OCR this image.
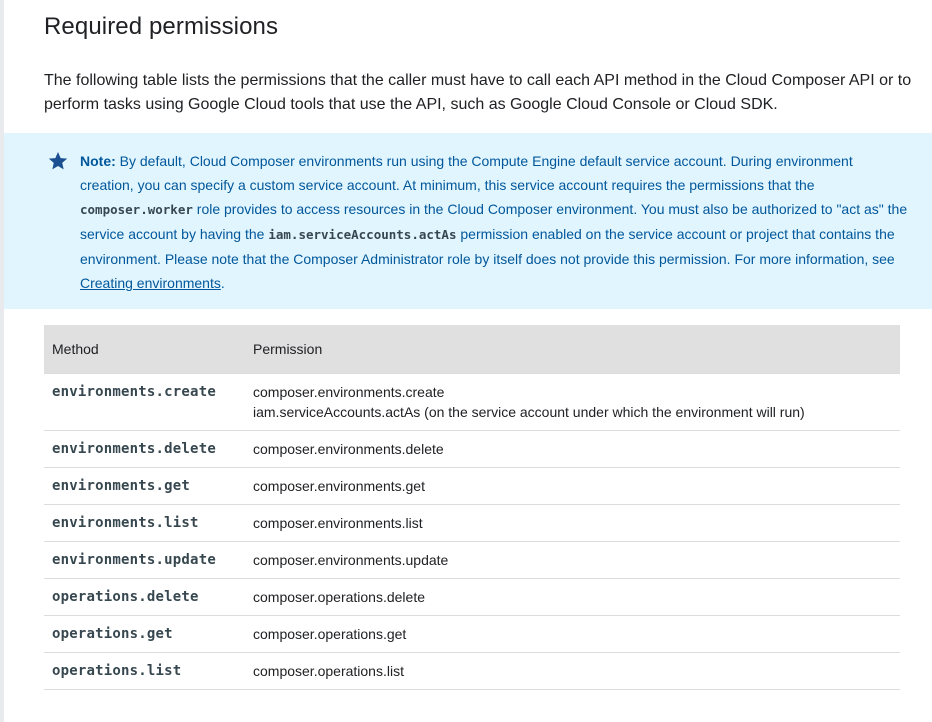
Required permissions

The following table lists the permissions that the caller must have to call each API method in the Cloud Composer API or to perform tasks using Google Cloud tools that use the API, such as Google Cloud Console or Cloud SDK.

Note: By default, Cloud Composer environments run using the Compute Engine default service account. During environment creation, you can specify a custom service account. At minimum, this service account requires the permissions that the composer.worker role provides to access resources in the Cloud Composer environment. You must also be authorized to "act as" the service account by having the iam.serviceAccounts.actAs permission enabled on the service account or project that contains the environment. Please note that the Composer Administrator role by itself does not provide this permission. For more information, see Creating environments.
Method	Permission
environments.create	composer.environments.create
iam.serviceAccounts.actAs (on the service account under which the environment will run)

environments.delete	composer.environments.delete
environments.get	composer.environments.get
environments.list	composer.environments.list
environments.update	composer.environments.update
operations.delete	composer.operations.delete
operations.get	composer.operations.get
operations.list	composer.operations.list
